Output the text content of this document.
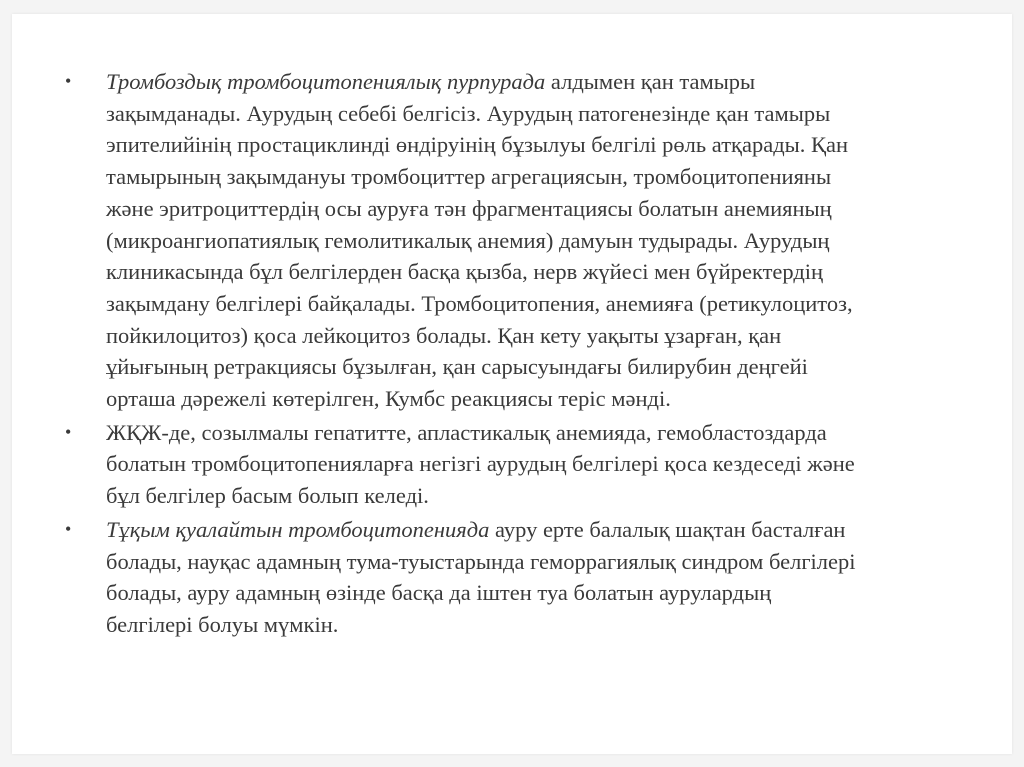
•	Тромбоздық тромбоцитопениялық пурпурада алдымен қан тамыры
зақымданады. Аурудың себебі белгісіз. Аурудың патогенезінде қан тамыры
эпителийінің простациклинді өндіруінің бұзылуы белгілі рөль атқарады. Қан
тамырының зақымдануы тромбоциттер агрегациясын, тромбоцитопенияны
және эритроциттердің осы ауруға тән фрагментациясы болатын анемияның
(микроангиопатиялық гемолитикалық анемия) дамуын тудырады. Аурудың
клиникасында бұл белгілерден басқа қызба, нерв жүйесі мен бүйректердің
зақымдану белгілері байқалады. Тромбоцитопения, анемияға (ретикулоцитоз,
пойкилоцитоз) қоса лейкоцитоз болады. Қан кету уақыты ұзарған, қан
ұйығының ретракциясы бұзылған, қан сарысуындағы билирубин деңгейі
орташа дәрежелі көтерілген, Кумбс реакциясы теріс мәнді.
•	ЖҚЖ-де, созылмалы гепатитте, апластикалық анемияда, гемобластоздарда
болатын тромбоцитопенияларға негізгі аурудың белгілері қоса кездеседі және
бұл белгілер басым болып келеді.
•	Тұқым қуалайтын тромбоцитопенияда ауру ерте балалық шақтан басталған
болады, науқас адамның тума-туыстарында геморрагиялық синдром белгілері
болады, ауру адамның өзінде басқа да іштен туа болатын аурулардың
белгілері болуы мүмкін.
